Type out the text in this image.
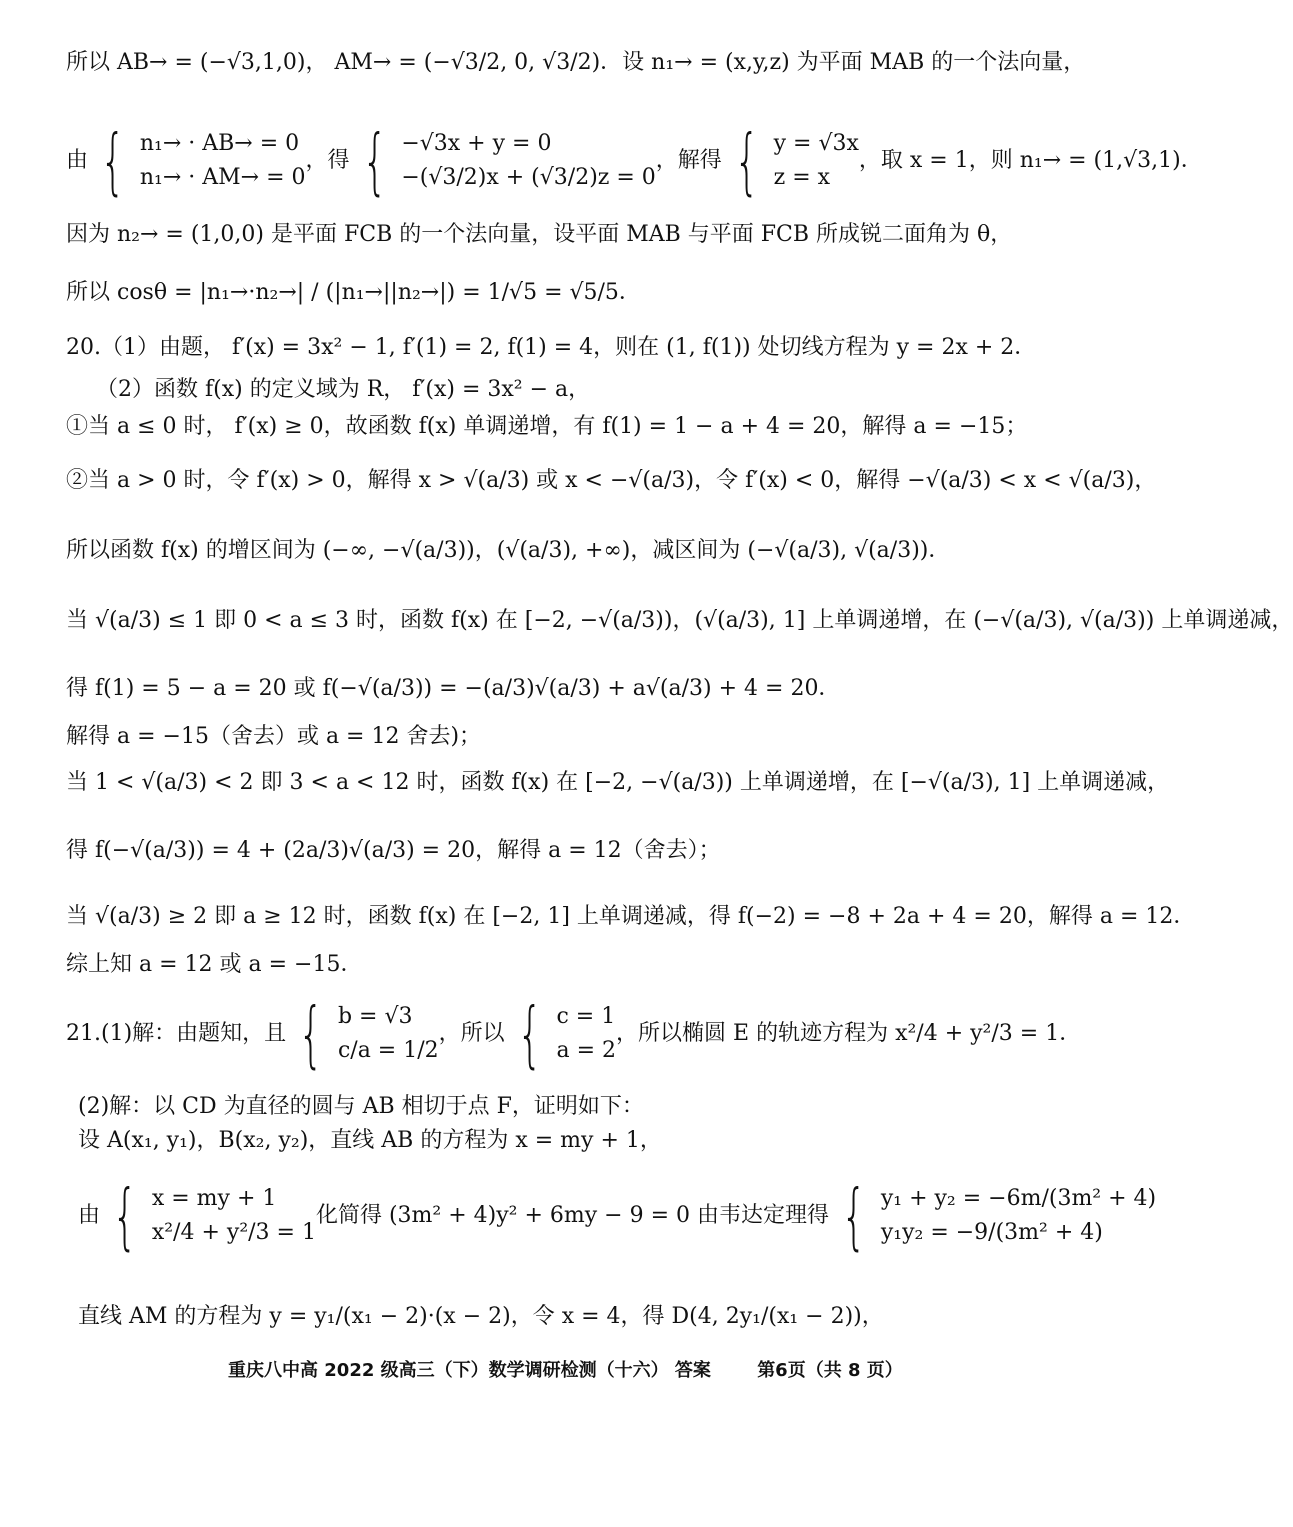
所以 AB→ = (−√3,1,0)， AM→ = (−√3/2, 0, √3/2)．设 n₁→ = (x,y,z) 为平面 MAB 的一个法向量，
由 { n₁→ · AB→ = 0
n₁→ · AM→ = 0
，得 { −√3x + y = 0
−(√3/2)x + (√3/2)z = 0
，解得 { y = √3x
z = x
，取 x = 1，则 n₁→ = (1,√3,1)．
因为 n₂→ = (1,0,0) 是平面 FCB 的一个法向量，设平面 MAB 与平面 FCB 所成锐二面角为 θ，
所以 cosθ = |n₁→·n₂→| / (|n₁→||n₂→|) = 1/√5 = √5/5．
20.（1）由题， f′(x) = 3x² − 1, f′(1) = 2, f(1) = 4，则在 (1, f(1)) 处切线方程为 y = 2x + 2．
（2）函数 f(x) 的定义域为 R， f′(x) = 3x² − a，
①当 a ≤ 0 时， f′(x) ≥ 0，故函数 f(x) 单调递增，有 f(1) = 1 − a + 4 = 20，解得 a = −15；
②当 a > 0 时，令 f′(x) > 0，解得 x > √(a/3) 或 x < −√(a/3)，令 f′(x) < 0，解得 −√(a/3) < x < √(a/3)，
所以函数 f(x) 的增区间为 (−∞, −√(a/3))，(√(a/3), +∞)，减区间为 (−√(a/3), √(a/3))．
当 √(a/3) ≤ 1 即 0 < a ≤ 3 时，函数 f(x) 在 [−2, −√(a/3))，(√(a/3), 1] 上单调递增，在 (−√(a/3), √(a/3)) 上单调递减，
得 f(1) = 5 − a = 20 或 f(−√(a/3)) = −(a/3)√(a/3) + a√(a/3) + 4 = 20．
解得 a = −15（舍去）或 a = 12 舍去)；
当 1 < √(a/3) < 2 即 3 < a < 12 时，函数 f(x) 在 [−2, −√(a/3)) 上单调递增，在 [−√(a/3), 1] 上单调递减，
得 f(−√(a/3)) = 4 + (2a/3)√(a/3) = 20，解得 a = 12（舍去）；
当 √(a/3) ≥ 2 即 a ≥ 12 时，函数 f(x) 在 [−2, 1] 上单调递减，得 f(−2) = −8 + 2a + 4 = 20，解得 a = 12．
综上知 a = 12 或 a = −15．
21.(1)解：由题知，且 { b = √3
c/a = 1/2
，所以 { c = 1
a = 2
，所以椭圆 E 的轨迹方程为 x²/4 + y²/3 = 1．
(2)解：以 CD 为直径的圆与 AB 相切于点 F，证明如下：
设 A(x₁, y₁)，B(x₂, y₂)，直线 AB 的方程为 x = my + 1，
由 { x = my + 1
x²/4 + y²/3 = 1
化简得 (3m² + 4)y² + 6my − 9 = 0 由韦达定理得 { y₁ + y₂ = −6m/(3m² + 4)
y₁y₂ = −9/(3m² + 4)
直线 AM 的方程为 y = y₁/(x₁ − 2)·(x − 2)，令 x = 4，得 D(4, 2y₁/(x₁ − 2))，
重庆八中高 2022 级高三（下）数学调研检测（十六） 答案	第6页（共 8 页）
